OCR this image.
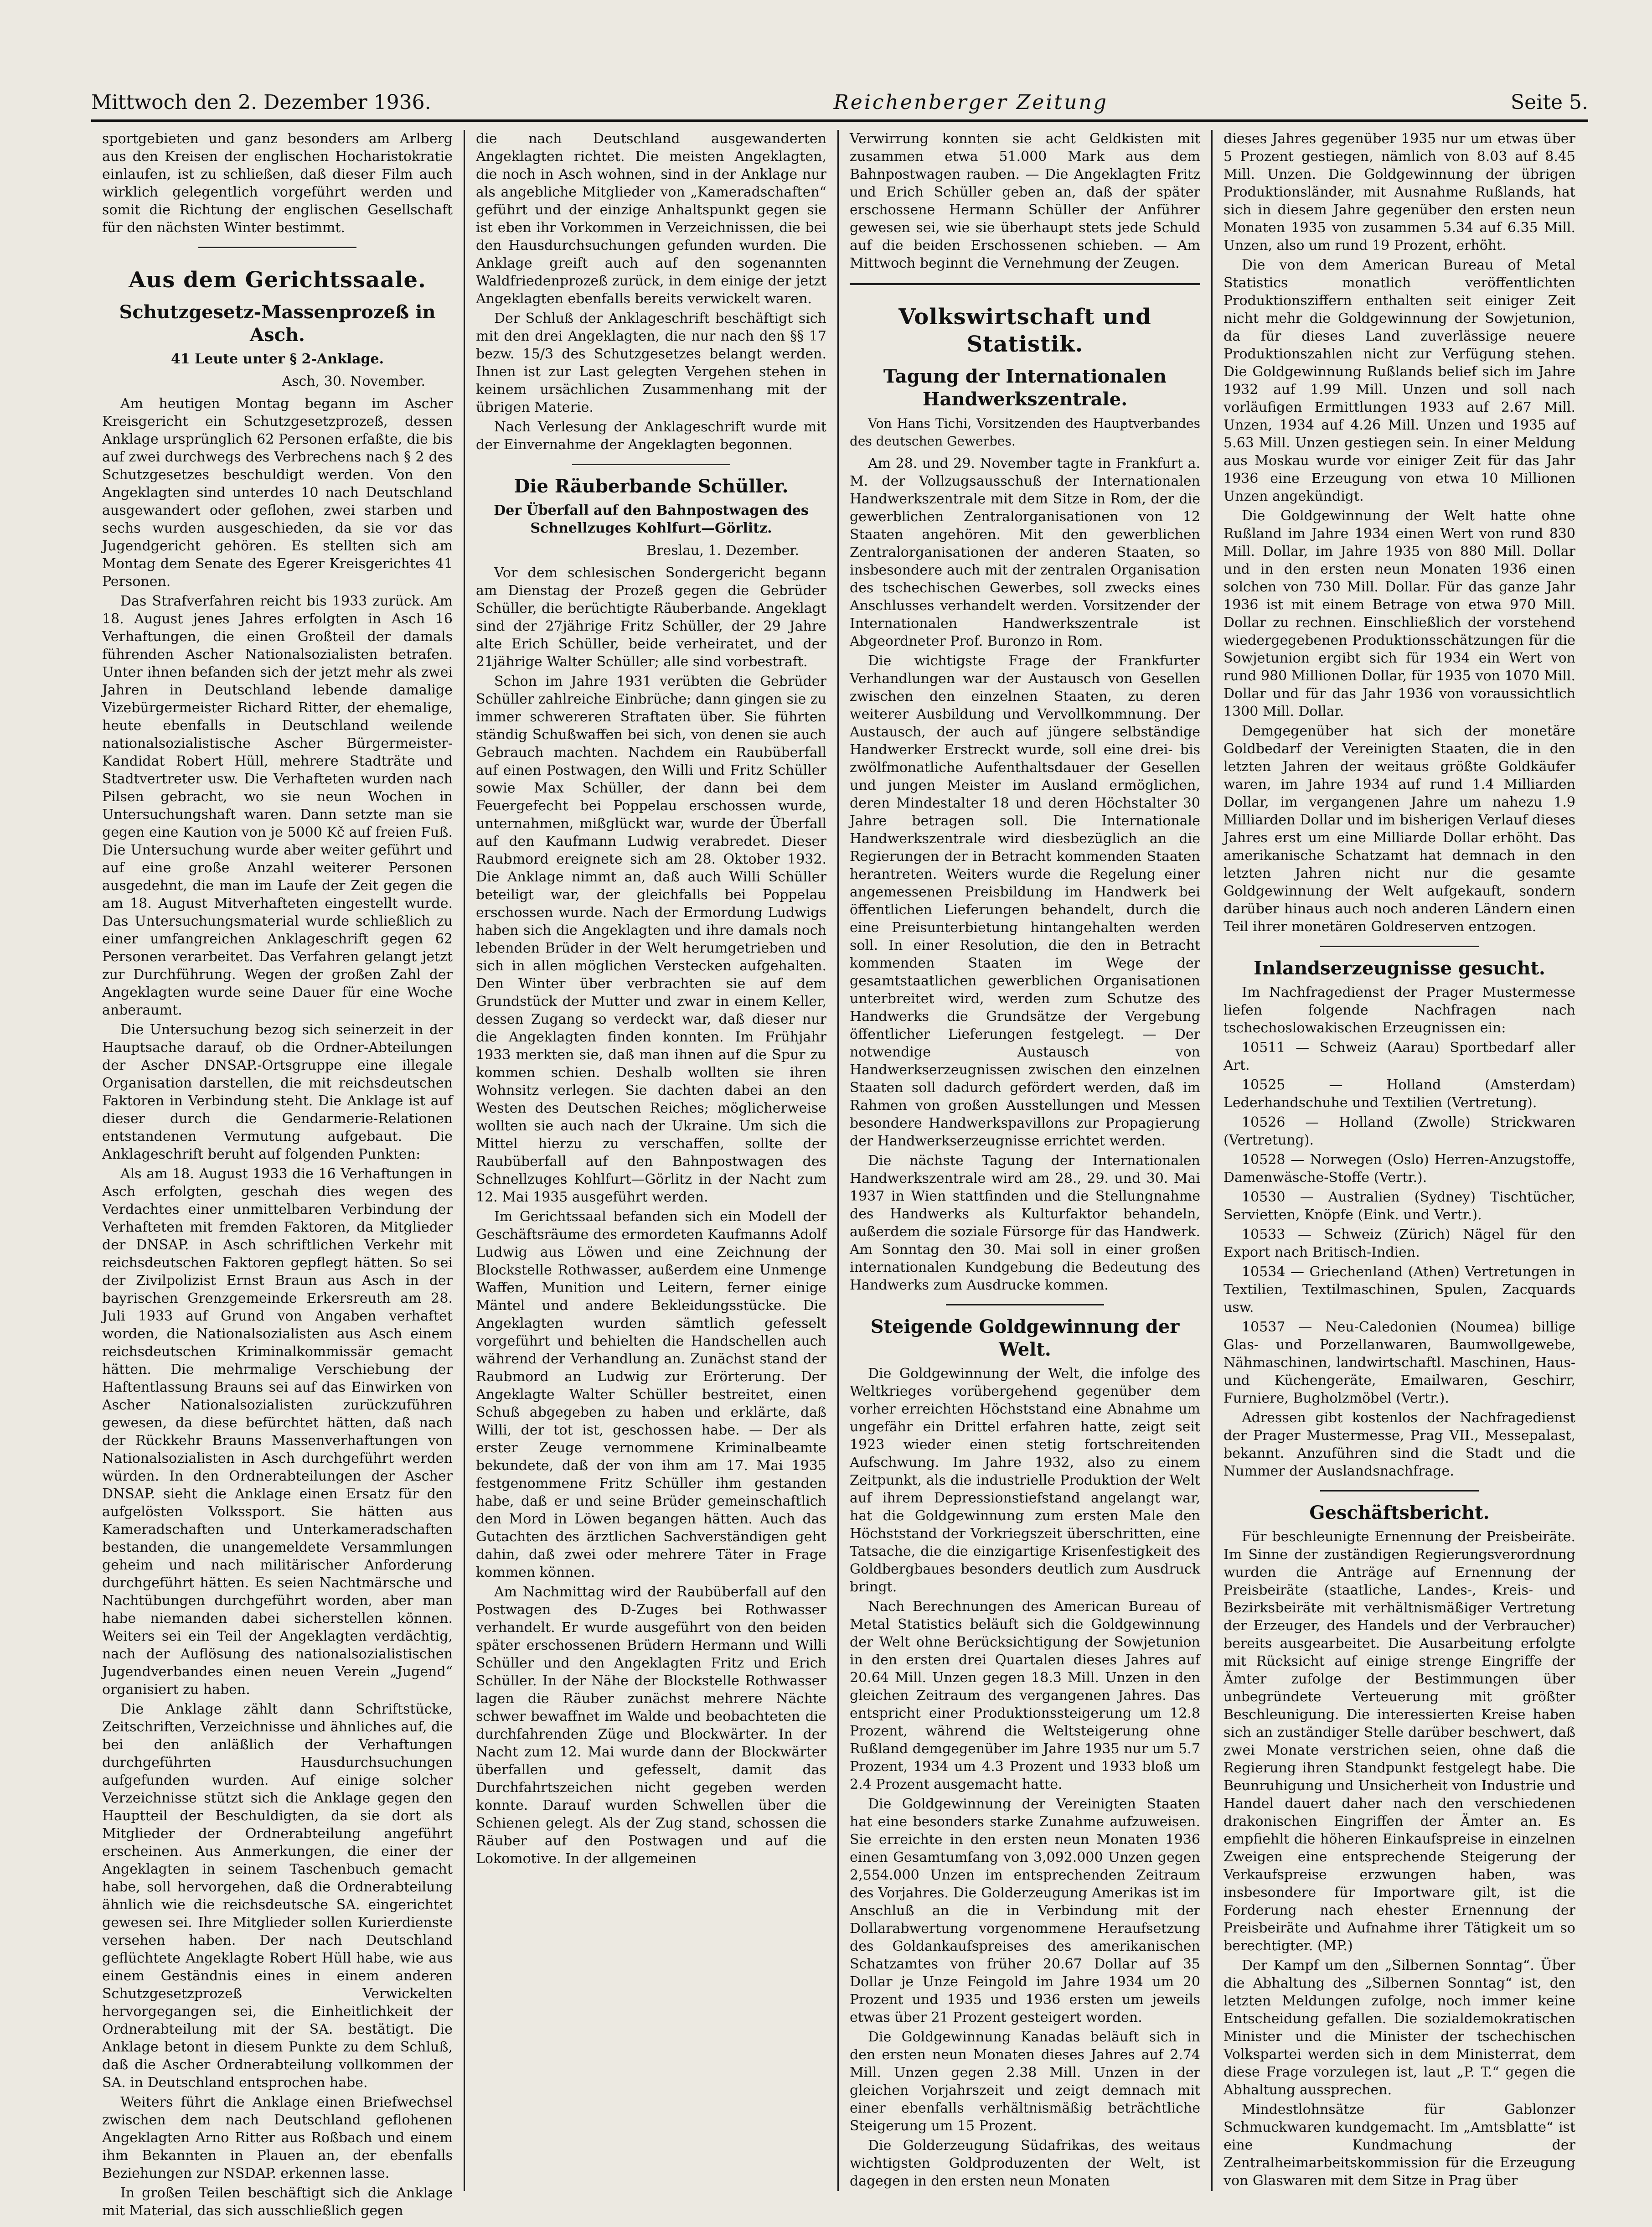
Mittwoch den 2. Dezember 1936.	Reichenberger Zeitung	Seite 5.

sportgebieten und ganz besonders am Arlberg aus den Kreisen der englischen Hocharistokratie einlaufen, ist zu schließen, daß dieser Film auch wirklich gelegentlich vorgeführt werden und somit die Richtung der englischen Gesellschaft für den nächsten Winter bestimmt.

Aus dem Gerichtssaale.
Schutzgesetz-Massenprozeß in Asch.
41 Leute unter § 2-Anklage.
Asch, 30. November.

Am heutigen Montag begann im Ascher Kreisgericht ein Schutzgesetzprozeß, dessen Anklage ursprünglich 62 Personen erfaßte, die bis auf zwei durchwegs des Verbrechens nach § 2 des Schutzgesetzes beschuldigt werden. Von den Angeklagten sind unterdes 10 nach Deutschland ausgewandert oder geflohen, zwei starben und sechs wurden ausgeschieden, da sie vor das Jugendgericht gehören. Es stellten sich am Montag dem Senate des Egerer Kreisgerichtes 41 Personen.

Das Strafverfahren reicht bis 1933 zurück. Am 18. August jenes Jahres erfolgten in Asch 16 Verhaftungen, die einen Großteil der damals führenden Ascher Nationalsozialisten betrafen. Unter ihnen befanden sich der jetzt mehr als zwei Jahren in Deutschland lebende damalige Vizebürgermeister Richard Ritter, der ehemalige, heute ebenfalls in Deutschland weilende nationalsozialistische Ascher Bürgermeister-Kandidat Robert Hüll, mehrere Stadträte und Stadtvertreter usw. Die Verhafteten wurden nach Pilsen gebracht, wo sie neun Wochen in Untersuchungshaft waren. Dann setzte man sie gegen eine Kaution von je 5000 Kč auf freien Fuß. Die Untersuchung wurde aber weiter geführt und auf eine große Anzahl weiterer Personen ausgedehnt, die man im Laufe der Zeit gegen die am 18. August Mitverhafteten eingestellt wurde. Das Untersuchungsmaterial wurde schließlich zu einer umfangreichen Anklageschrift gegen 62 Personen verarbeitet. Das Verfahren gelangt jetzt zur Durchführung. Wegen der großen Zahl der Angeklagten wurde seine Dauer für eine Woche anberaumt.

Die Untersuchung bezog sich seinerzeit in der Hauptsache darauf, ob die Ordner-Abteilungen der Ascher DNSAP.-Ortsgruppe eine illegale Organisation darstellen, die mit reichsdeutschen Faktoren in Verbindung steht. Die Anklage ist auf dieser durch die Gendarmerie-Relationen entstandenen Vermutung aufgebaut. Die Anklageschrift beruht auf folgenden Punkten:

Als am 18. August 1933 die 16 Verhaftungen in Asch erfolgten, geschah dies wegen des Verdachtes einer unmittelbaren Verbindung der Verhafteten mit fremden Faktoren, da Mitglieder der DNSAP. in Asch schriftlichen Verkehr mit reichsdeutschen Faktoren gepflegt hätten. So sei der Zivilpolizist Ernst Braun aus Asch in der bayrischen Grenzgemeinde Erkersreuth am 28. Juli 1933 auf Grund von Angaben verhaftet worden, die Nationalsozialisten aus Asch einem reichsdeutschen Kriminalkommissär gemacht hätten. Die mehrmalige Verschiebung der Haftentlassung Brauns sei auf das Einwirken von Ascher Nationalsozialisten zurückzuführen gewesen, da diese befürchtet hätten, daß nach der Rückkehr Brauns Massenverhaftungen von Nationalsozialisten in Asch durchgeführt werden würden. In den Ordnerabteilungen der Ascher DNSAP. sieht die Anklage einen Ersatz für den aufgelösten Volkssport. Sie hätten aus Kameradschaften und Unterkameradschaften bestanden, die unangemeldete Versammlungen geheim und nach militärischer Anforderung durchgeführt hätten. Es seien Nachtmärsche und Nachtübungen durchgeführt worden, aber man habe niemanden dabei sicherstellen können. Weiters sei ein Teil der Angeklagten verdächtig, nach der Auflösung des nationalsozialistischen Jugendverbandes einen neuen Verein „Jugend“ organisiert zu haben.

Die Anklage zählt dann Schriftstücke, Zeitschriften, Verzeichnisse und ähnliches auf, die bei den anläßlich der Verhaftungen durchgeführten Hausdurchsuchungen aufgefunden wurden. Auf einige solcher Verzeichnisse stützt sich die Anklage gegen den Hauptteil der Beschuldigten, da sie dort als Mitglieder der Ordnerabteilung angeführt erscheinen. Aus Anmerkungen, die einer der Angeklagten in seinem Taschenbuch gemacht habe, soll hervorgehen, daß die Ordnerabteilung ähnlich wie die reichsdeutsche SA. eingerichtet gewesen sei. Ihre Mitglieder sollen Kurierdienste versehen haben. Der nach Deutschland geflüchtete Angeklagte Robert Hüll habe, wie aus einem Geständnis eines in einem anderen Schutzgesetzprozeß Verwickelten hervorgegangen sei, die Einheitlichkeit der Ordnerabteilung mit der SA. bestätigt. Die Anklage betont in diesem Punkte zu dem Schluß, daß die Ascher Ordnerabteilung vollkommen der SA. in Deutschland entsprochen habe.

Weiters führt die Anklage einen Briefwechsel zwischen dem nach Deutschland geflohenen Angeklagten Arno Ritter aus Roßbach und einem ihm Bekannten in Plauen an, der ebenfalls Beziehungen zur NSDAP. erkennen lasse.

In großen Teilen beschäftigt sich die Anklage mit Material, das sich ausschließlich gegen

die nach Deutschland ausgewanderten Angeklagten richtet. Die meisten Angeklagten, die noch in Asch wohnen, sind in der Anklage nur als angebliche Mitglieder von „Kameradschaften“ geführt und der einzige Anhaltspunkt gegen sie ist eben ihr Vorkommen in Verzeichnissen, die bei den Hausdurchsuchungen gefunden wurden. Die Anklage greift auch auf den sogenannten Waldfriedenprozeß zurück, in dem einige der jetzt Angeklagten ebenfalls bereits verwickelt waren.

Der Schluß der Anklageschrift beschäftigt sich mit den drei Angeklagten, die nur nach den §§ 17 bezw. 15/3 des Schutzgesetzes belangt werden. Ihnen ist zur Last gelegten Vergehen stehen in keinem ursächlichen Zusammenhang mit der übrigen Materie.

Nach Verlesung der Anklageschrift wurde mit der Einvernahme der Angeklagten begonnen.

Die Räuberbande Schüller.
Der Überfall auf den Bahnpostwagen des Schnellzuges Kohlfurt—Görlitz.
Breslau, 1. Dezember.

Vor dem schlesischen Sondergericht begann am Dienstag der Prozeß gegen die Gebrüder Schüller, die berüchtigte Räuberbande. Angeklagt sind der 27jährige Fritz Schüller, der 29 Jahre alte Erich Schüller, beide verheiratet, und der 21jährige Walter Schüller; alle sind vorbestraft.

Schon im Jahre 1931 verübten die Gebrüder Schüller zahlreiche Einbrüche; dann gingen sie zu immer schwereren Straftaten über. Sie führten ständig Schußwaffen bei sich, von denen sie auch Gebrauch machten. Nachdem ein Raubüberfall auf einen Postwagen, den Willi und Fritz Schüller sowie Max Schüller, der dann bei dem Feuergefecht bei Poppelau erschossen wurde, unternahmen, mißglückt war, wurde der Überfall auf den Kaufmann Ludwig verabredet. Dieser Raubmord ereignete sich am 28. Oktober 1932. Die Anklage nimmt an, daß auch Willi Schüller beteiligt war, der gleichfalls bei Poppelau erschossen wurde. Nach der Ermordung Ludwigs haben sich die Angeklagten und ihre damals noch lebenden Brüder in der Welt herumgetrieben und sich in allen möglichen Verstecken aufgehalten. Den Winter über verbrachten sie auf dem Grundstück der Mutter und zwar in einem Keller, dessen Zugang so verdeckt war, daß dieser nur die Angeklagten finden konnten. Im Frühjahr 1933 merkten sie, daß man ihnen auf die Spur zu kommen schien. Deshalb wollten sie ihren Wohnsitz verlegen. Sie dachten dabei an den Westen des Deutschen Reiches; möglicherweise wollten sie auch nach der Ukraine. Um sich die Mittel hierzu zu verschaffen, sollte der Raubüberfall auf den Bahnpostwagen des Schnellzuges Kohlfurt—Görlitz in der Nacht zum 12. Mai 1935 ausgeführt werden.

Im Gerichtssaal befanden sich ein Modell der Geschäftsräume des ermordeten Kaufmanns Adolf Ludwig aus Löwen und eine Zeichnung der Blockstelle Rothwasser, außerdem eine Unmenge Waffen, Munition und Leitern, ferner einige Mäntel und andere Bekleidungsstücke. Die Angeklagten wurden sämtlich gefesselt vorgeführt und behielten die Handschellen auch während der Verhandlung an. Zunächst stand der Raubmord an Ludwig zur Erörterung. Der Angeklagte Walter Schüller bestreitet, einen Schuß abgegeben zu haben und erklärte, daß Willi, der tot ist, geschossen habe. — Der als erster Zeuge vernommene Kriminalbeamte bekundete, daß der von ihm am 17. Mai 1935 festgenommene Fritz Schüller ihm gestanden habe, daß er und seine Brüder gemeinschaftlich den Mord in Löwen begangen hätten. Auch das Gutachten des ärztlichen Sachverständigen geht dahin, daß zwei oder mehrere Täter in Frage kommen können.

Am Nachmittag wird der Raubüberfall auf den Postwagen des D-Zuges bei Rothwasser verhandelt. Er wurde ausgeführt von den beiden später erschossenen Brüdern Hermann und Willi Schüller und den Angeklagten Fritz und Erich Schüller. In der Nähe der Blockstelle Rothwasser lagen die Räuber zunächst mehrere Nächte schwer bewaffnet im Walde und beobachteten die durchfahrenden Züge und Blockwärter. In der Nacht zum 12. Mai wurde dann der Blockwärter überfallen und gefesselt, damit das Durchfahrtszeichen nicht gegeben werden konnte. Darauf wurden Schwellen über die Schienen gelegt. Als der Zug stand, schossen die Räuber auf den Postwagen und auf die Lokomotive. In der allgemeinen

Verwirrung konnten sie acht Geldkisten mit zusammen etwa 51.000 Mark aus dem Bahnpostwagen rauben. — Die Angeklagten Fritz und Erich Schüller geben an, daß der später erschossene Hermann Schüller der Anführer gewesen sei, wie sie überhaupt stets jede Schuld auf die beiden Erschossenen schieben. — Am Mittwoch beginnt die Vernehmung der Zeugen.

Volkswirtschaft und Statistik.
Tagung der Internationalen Handwerkszentrale.
Von Hans Tichi, Vorsitzenden des Hauptverbandes des deutschen Gewerbes.

Am 28. und 29. November tagte in Frankfurt a. M. der Vollzugsausschuß der Internationalen Handwerkszentrale mit dem Sitze in Rom, der die gewerblichen Zentralorganisationen von 12 Staaten angehören. Mit den gewerblichen Zentralorganisationen der anderen Staaten, so insbesondere auch mit der zentralen Organisation des tschechischen Gewerbes, soll zwecks eines Anschlusses verhandelt werden. Vorsitzender der Internationalen Handwerkszentrale ist Abgeordneter Prof. Buronzo in Rom.

Die wichtigste Frage der Frankfurter Verhandlungen war der Austausch von Gesellen zwischen den einzelnen Staaten, zu deren weiterer Ausbildung und Vervollkommnung. Der Austausch, der auch auf jüngere selbständige Handwerker Erstreckt wurde, soll eine drei- bis zwölfmonatliche Aufenthaltsdauer der Gesellen und jungen Meister im Ausland ermöglichen, deren Mindestalter 18 und deren Höchstalter 30 Jahre betragen soll. Die Internationale Handwerkszentrale wird diesbezüglich an die Regierungen der in Betracht kommenden Staaten herantreten. Weiters wurde die Regelung einer angemessenen Preisbildung im Handwerk bei öffentlichen Lieferungen behandelt, durch die eine Preisunterbietung hintangehalten werden soll. In einer Resolution, die den in Betracht kommenden Staaten im Wege der gesamtstaatlichen gewerblichen Organisationen unterbreitet wird, werden zum Schutze des Handwerks die Grundsätze der Vergebung öffentlicher Lieferungen festgelegt. — Der notwendige Austausch von Handwerkserzeugnissen zwischen den einzelnen Staaten soll dadurch gefördert werden, daß im Rahmen von großen Ausstellungen und Messen besondere Handwerkspavillons zur Propagierung der Handwerkserzeugnisse errichtet werden.

Die nächste Tagung der Internationalen Handwerkszentrale wird am 28., 29. und 30. Mai 1937 in Wien stattfinden und die Stellungnahme des Handwerks als Kulturfaktor behandeln, außerdem die soziale Fürsorge für das Handwerk. Am Sonntag den 30. Mai soll in einer großen internationalen Kundgebung die Bedeutung des Handwerks zum Ausdrucke kommen.

Steigende Goldgewinnung der Welt.

Die Goldgewinnung der Welt, die infolge des Weltkrieges vorübergehend gegenüber dem vorher erreichten Höchststand eine Abnahme um ungefähr ein Drittel erfahren hatte, zeigt seit 1923 wieder einen stetig fortschreitenden Aufschwung. Im Jahre 1932, also zu einem Zeitpunkt, als die industrielle Produktion der Welt auf ihrem Depressionstiefstand angelangt war, hat die Goldgewinnung zum ersten Male den Höchststand der Vorkriegszeit überschritten, eine Tatsache, die die einzigartige Krisenfestigkeit des Goldbergbaues besonders deutlich zum Ausdruck bringt.

Nach Berechnungen des American Bureau of Metal Statistics beläuft sich die Goldgewinnung der Welt ohne Berücksichtigung der Sowjetunion in den ersten drei Quartalen dieses Jahres auf 20.64 Mill. Unzen gegen 18.3 Mill. Unzen in den gleichen Zeitraum des vergangenen Jahres. Das entspricht einer Produktionssteigerung um 12.8 Prozent, während die Weltsteigerung ohne Rußland demgegenüber im Jahre 1935 nur um 5.7 Prozent, 1934 um 4.3 Prozent und 1933 bloß um 2.4 Prozent ausgemacht hatte.

Die Goldgewinnung der Vereinigten Staaten hat eine besonders starke Zunahme aufzuweisen. Sie erreichte in den ersten neun Monaten 1936 einen Gesamtumfang von 3,092.000 Unzen gegen 2,554.000 Unzen im entsprechenden Zeitraum des Vorjahres. Die Golderzeugung Amerikas ist im Anschluß an die in Verbindung mit der Dollarabwertung vorgenommene Heraufsetzung des Goldankaufspreises des amerikanischen Schatzamtes von früher 20.67 Dollar auf 35 Dollar je Unze Feingold im Jahre 1934 um 20 Prozent und 1935 und 1936 ersten um jeweils etwas über 21 Prozent gesteigert worden.

Die Goldgewinnung Kanadas beläuft sich in den ersten neun Monaten dieses Jahres auf 2.74 Mill. Unzen gegen 2.38 Mill. Unzen in der gleichen Vorjahrszeit und zeigt demnach mit einer ebenfalls verhältnismäßig beträchtliche Steigerung um 15 Prozent.

Die Golderzeugung Südafrikas, des weitaus wichtigsten Goldproduzenten der Welt, ist dagegen in den ersten neun Monaten

dieses Jahres gegenüber 1935 nur um etwas über 5 Prozent gestiegen, nämlich von 8.03 auf 8.45 Mill. Unzen. Die Goldgewinnung der übrigen Produktionsländer, mit Ausnahme Rußlands, hat sich in diesem Jahre gegenüber den ersten neun Monaten 1935 von zusammen 5.34 auf 6.35 Mill. Unzen, also um rund 19 Prozent, erhöht.

Die von dem American Bureau of Metal Statistics monatlich veröffentlichten Produktionsziffern enthalten seit einiger Zeit nicht mehr die Goldgewinnung der Sowjetunion, da für dieses Land zuverlässige neuere Produktionszahlen nicht zur Verfügung stehen. Die Goldgewinnung Rußlands belief sich im Jahre 1932 auf 1.99 Mill. Unzen und soll nach vorläufigen Ermittlungen 1933 auf 2.67 Mill. Unzen, 1934 auf 4.26 Mill. Unzen und 1935 auf 5.63 Mill. Unzen gestiegen sein. In einer Meldung aus Moskau wurde vor einiger Zeit für das Jahr 1936 eine Erzeugung von etwa 10 Millionen Unzen angekündigt.

Die Goldgewinnung der Welt hatte ohne Rußland im Jahre 1934 einen Wert von rund 830 Mill. Dollar, im Jahre 1935 von 880 Mill. Dollar und in den ersten neun Monaten 1936 einen solchen von 730 Mill. Dollar. Für das ganze Jahr 1936 ist mit einem Betrage von etwa 970 Mill. Dollar zu rechnen. Einschließlich der vorstehend wiedergegebenen Produktionsschätzungen für die Sowjetunion ergibt sich für 1934 ein Wert von rund 980 Millionen Dollar, für 1935 von 1070 Mill. Dollar und für das Jahr 1936 von voraussichtlich 1300 Mill. Dollar.

Demgegenüber hat sich der monetäre Goldbedarf der Vereinigten Staaten, die in den letzten Jahren der weitaus größte Goldkäufer waren, im Jahre 1934 auf rund 1.4 Milliarden Dollar, im vergangenen Jahre um nahezu 1.9 Milliarden Dollar und im bisherigen Verlauf dieses Jahres erst um eine Milliarde Dollar erhöht. Das amerikanische Schatzamt hat demnach in den letzten Jahren nicht nur die gesamte Goldgewinnung der Welt aufgekauft, sondern darüber hinaus auch noch anderen Ländern einen Teil ihrer monetären Goldreserven entzogen.

Inlandserzeugnisse gesucht.

Im Nachfragedienst der Prager Mustermesse liefen folgende Nachfragen nach tschechoslowakischen Erzeugnissen ein:

10511 — Schweiz (Aarau) Sportbedarf aller Art.

10525 — Holland (Amsterdam) Lederhandschuhe und Textilien (Vertretung).

10526 — Holland (Zwolle) Strickwaren (Vertretung).

10528 — Norwegen (Oslo) Herren-Anzugstoffe, Damenwäsche-Stoffe (Vertr.).

10530 — Australien (Sydney) Tischtücher, Servietten, Knöpfe (Eink. und Vertr.).

10533 — Schweiz (Zürich) Nägel für den Export nach Britisch-Indien.

10534 — Griechenland (Athen) Vertretungen in Textilien, Textilmaschinen, Spulen, Zacquards usw.

10537 — Neu-Caledonien (Noumea) billige Glas- und Porzellanwaren, Baumwollgewebe, Nähmaschinen, landwirtschaftl. Maschinen, Haus- und Küchengeräte, Emailwaren, Geschirr, Furniere, Bugholzmöbel (Vertr.).

Adressen gibt kostenlos der Nachfragedienst der Prager Mustermesse, Prag VII., Messepalast, bekannt. Anzuführen sind die Stadt und die Nummer der Auslandsnachfrage.

Geschäftsbericht.

Für beschleunigte Ernennung der Preisbeiräte. Im Sinne der zuständigen Regierungsverordnung wurden die Anträge auf Ernennung der Preisbeiräte (staatliche, Landes-, Kreis- und Bezirksbeiräte mit verhältnismäßiger Vertretung der Erzeuger, des Handels und der Verbraucher) bereits ausgearbeitet. Die Ausarbeitung erfolgte mit Rücksicht auf einige strenge Eingriffe der Ämter zufolge der Bestimmungen über unbegründete Verteuerung mit größter Beschleunigung. Die interessierten Kreise haben sich an zuständiger Stelle darüber beschwert, daß zwei Monate verstrichen seien, ohne daß die Regierung ihren Standpunkt festgelegt habe. Die Beunruhigung und Unsicherheit von Industrie und Handel dauert daher nach den verschiedenen drakonischen Eingriffen der Ämter an. Es empfiehlt die höheren Einkaufspreise in einzelnen Zweigen eine entsprechende Steigerung der Verkaufspreise erzwungen haben, was insbesondere für Importware gilt, ist die Forderung nach ehester Ernennung der Preisbeiräte und Aufnahme ihrer Tätigkeit um so berechtigter. (MP.)

Der Kampf um den „Silbernen Sonntag“. Über die Abhaltung des „Silbernen Sonntag“ ist, den letzten Meldungen zufolge, noch immer keine Entscheidung gefallen. Die sozialdemokratischen Minister und die Minister der tschechischen Volkspartei werden sich in dem Ministerrat, dem diese Frage vorzulegen ist, laut „P. T.“ gegen die Abhaltung aussprechen.

Mindestlohnsätze für Gablonzer Schmuckwaren kundgemacht. Im „Amtsblatte“ ist eine Kundmachung der Zentralheimarbeitskommission für die Erzeugung von Glaswaren mit dem Sitze in Prag über
